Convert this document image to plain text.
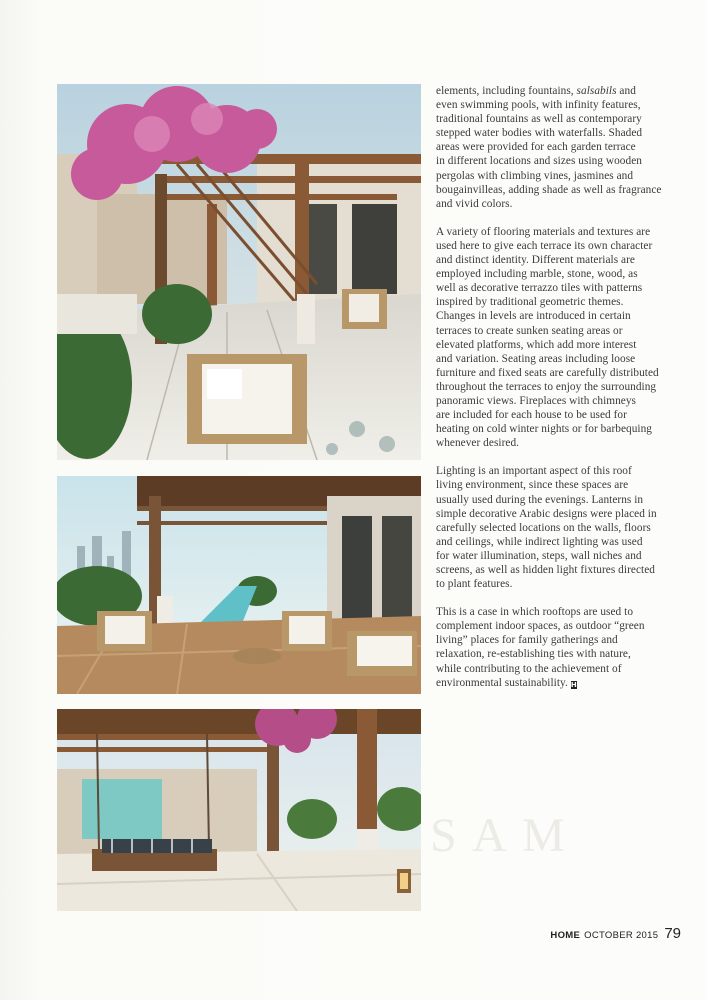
S A M

elements, including fountains, salsabils and even swimming pools, with infinity features, traditional fountains as well as contemporary stepped water bodies with waterfalls. Shaded areas were provided for each garden terrace in different locations and sizes using wooden pergolas with climbing vines, jasmines and bougainvilleas, adding shade as well as fragrance and vivid colors.

A variety of flooring materials and textures are used here to give each terrace its own character and distinct identity. Different materials are employed including marble, stone, wood, as well as decorative terrazzo tiles with patterns inspired by traditional geometric themes. Changes in levels are introduced in certain terraces to create sunken seating areas or elevated platforms, which add more interest and variation. Seating areas including loose furniture and fixed seats are carefully distributed throughout the terraces to enjoy the surrounding panoramic views. Fireplaces with chimneys are included for each house to be used for heating on cold winter nights or for barbequing whenever desired.

Lighting is an important aspect of this roof living environment, since these spaces are usually used during the evenings. Lanterns in simple decorative Arabic designs were placed in carefully selected locations on the walls, floors and ceilings, while indirect lighting was used for water illumination, steps, wall niches and screens, as well as hidden light fixtures directed to plant features.

This is a case in which rooftops are used to complement indoor spaces, as outdoor “green living” places for family gatherings and relaxation, re-establishing ties with nature, while contributing to the achievement of environmental sustainability. H

HOME OCTOBER 2015 79
